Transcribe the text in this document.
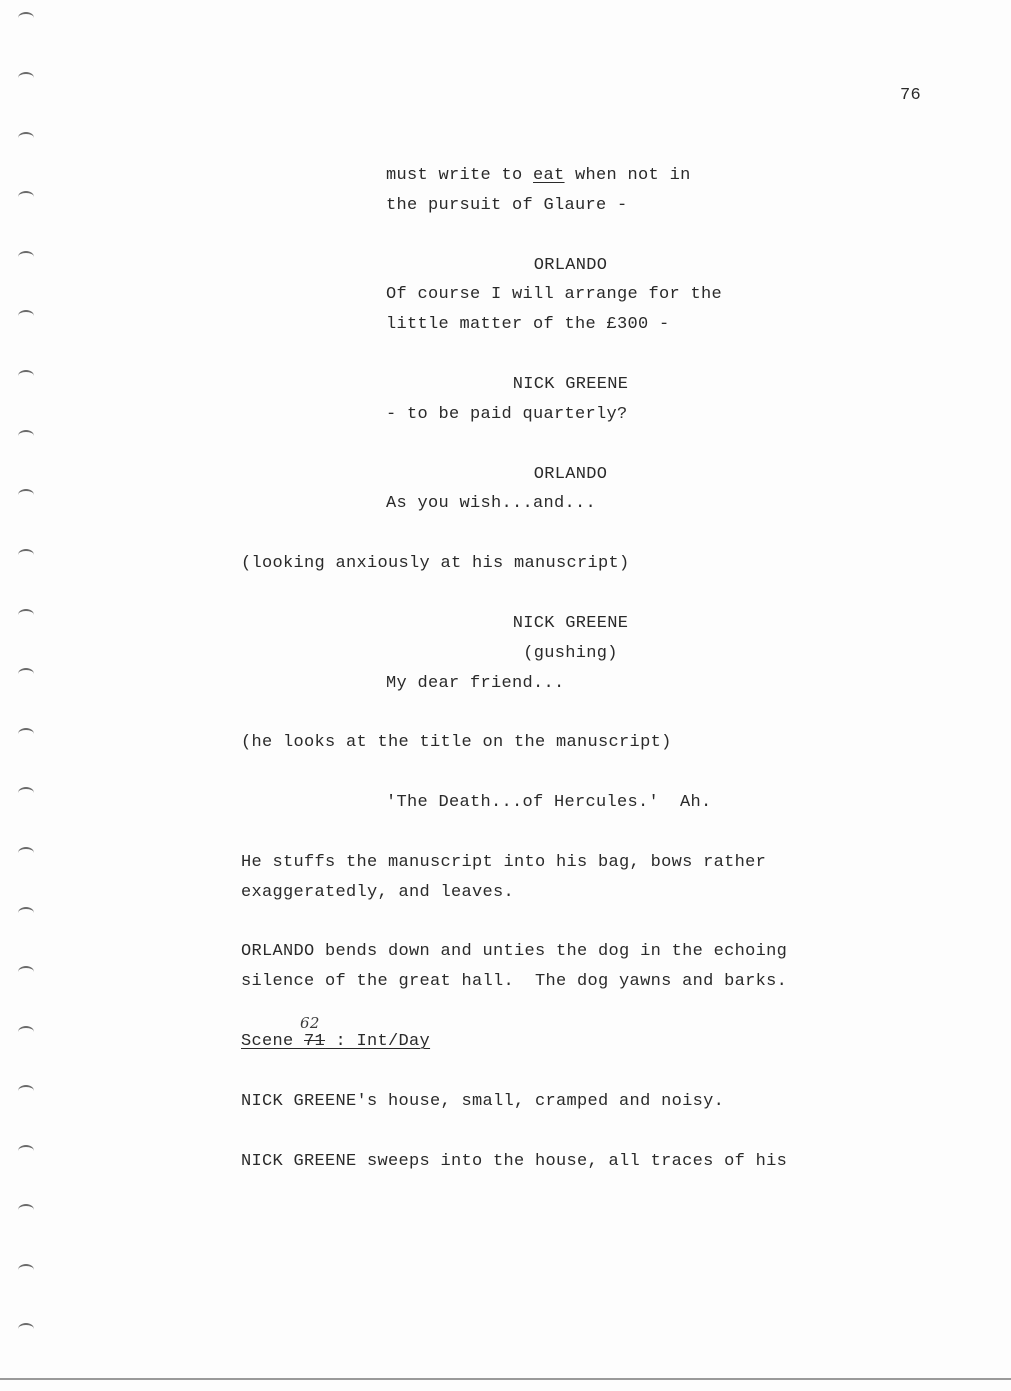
76
must write to eat when not in
the pursuit of Glaure -
ORLANDO
Of course I will arrange for the
little matter of the £300 -
NICK GREENE
- to be paid quarterly?
ORLANDO
As you wish...and...
(looking anxiously at his manuscript)
NICK GREENE
(gushing)
My dear friend...
(he looks at the title on the manuscript)
'The Death...of Hercules.'  Ah.
He stuffs the manuscript into his bag, bows rather
exaggeratedly, and leaves.
ORLANDO bends down and unties the dog in the echoing
silence of the great hall.  The dog yawns and barks.
62
Scene 71 : Int/Day
NICK GREENE's house, small, cramped and noisy.
NICK GREENE sweeps into the house, all traces of his
